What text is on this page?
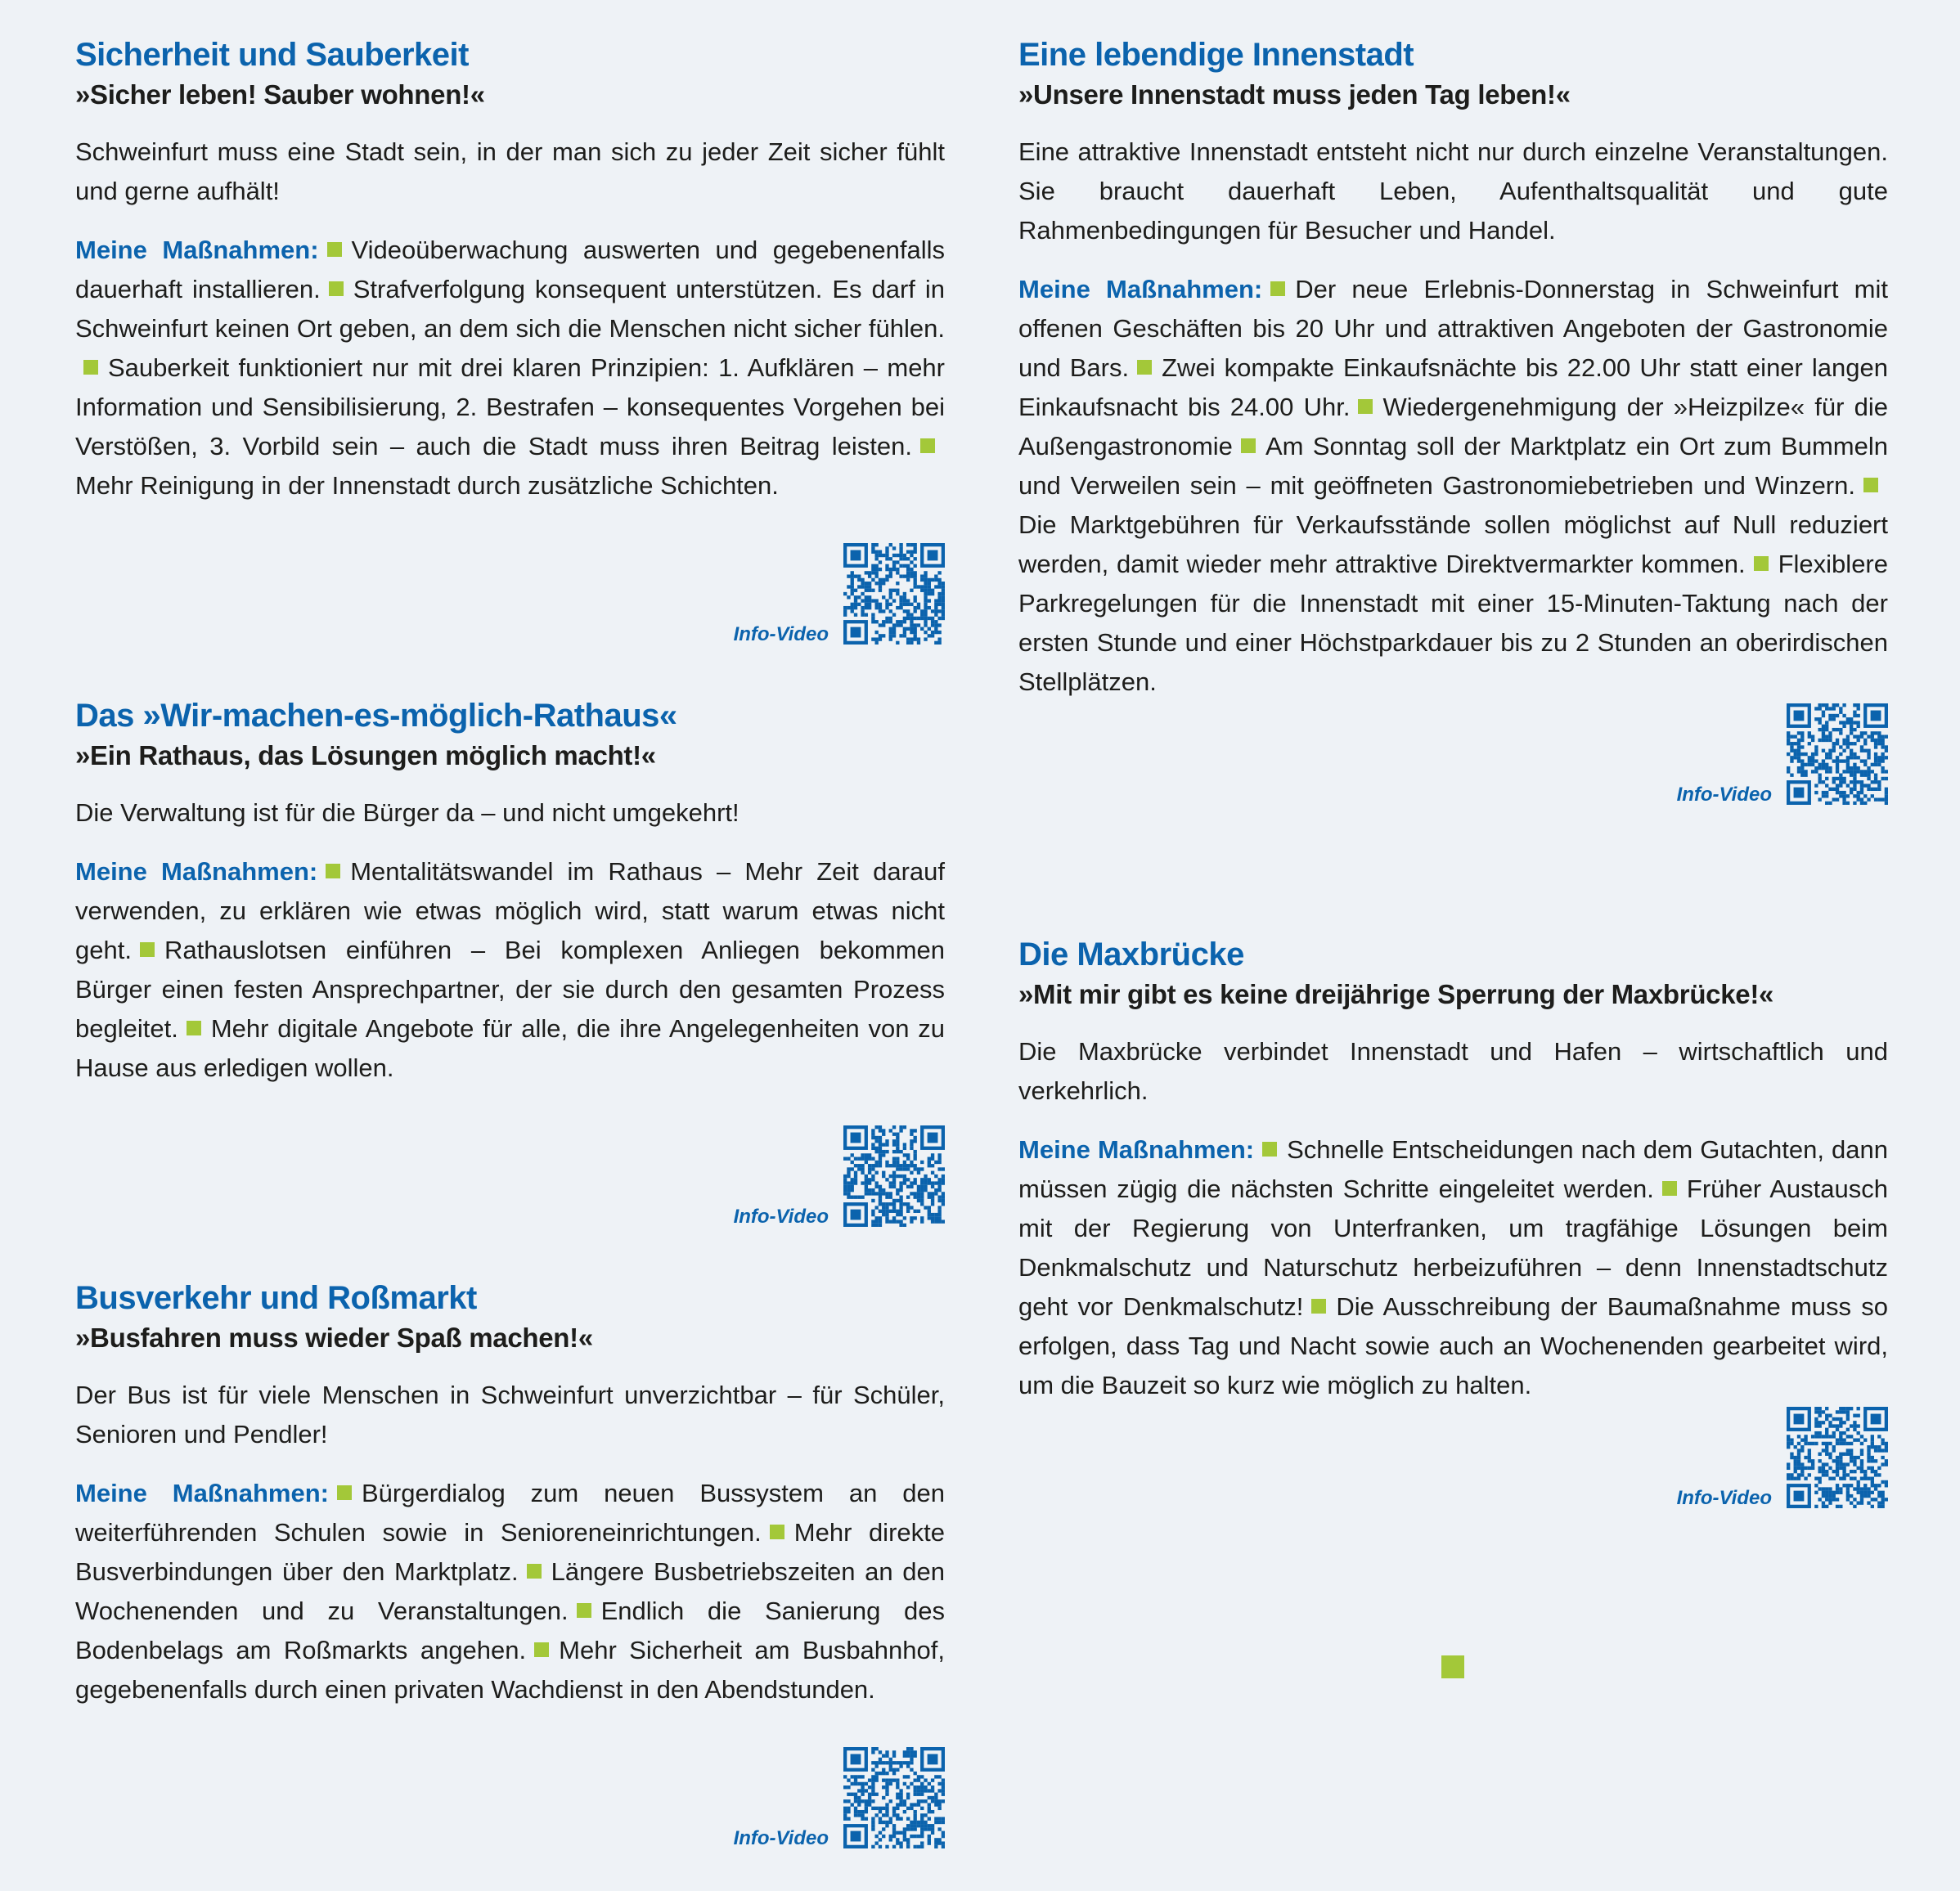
Sicherheit und Sauberkeit

»Sicher leben! Sauber wohnen!«

Schweinfurt muss eine Stadt sein, in der man sich zu jeder Zeit sicher fühlt und gerne aufhält!

Meine Maßnahmen: Videoüberwachung auswerten und gegebenenfalls dauerhaft installieren. Strafverfolgung konsequent unterstützen. Es darf in Schweinfurt keinen Ort geben, an dem sich die Menschen nicht sicher fühlen.Sauberkeit funktioniert nur mit drei klaren Prinzipien: 1. Aufklären – mehr Information und Sensibilisierung, 2. Bestrafen – konsequentes Vorgehen bei Verstößen, 3. Vorbild sein – auch die Stadt muss ihren Beitrag leisten.Mehr Reinigung in der Innenstadt durch zusätzliche Schichten.

Info-Video
Das »Wir-machen-es-möglich-Rathaus«

»Ein Rathaus, das Lösungen möglich macht!«

Die Verwaltung ist für die Bürger da – und nicht umgekehrt!

Meine Maßnahmen: Mentalitätswandel im Rathaus – Mehr Zeit darauf verwenden, zu erklären wie etwas möglich wird, statt warum etwas nicht geht. Rathauslotsen einführen – Bei komplexen Anliegen bekommen Bürger einen festen Ansprechpartner, der sie durch den gesamten Prozess begleitet. Mehr digitale Angebote für alle, die ihre Angelegenheiten von zu Hause aus erledigen wollen.

Info-Video
Busverkehr und Roßmarkt

»Busfahren muss wieder Spaß machen!«

Der Bus ist für viele Menschen in Schweinfurt unverzichtbar – für Schüler, Senioren und Pendler!

Meine Maßnahmen: Bürgerdialog zum neuen Bussystem an den weiterführenden Schulen sowie in Senioreneinrichtungen. Mehr direkte Busverbindungen über den Marktplatz. Längere Busbetriebszeiten an den Wochenenden und zu Veranstaltungen. Endlich die Sanierung des Bodenbelags am Roßmarkts angehen. Mehr Sicherheit am Busbahnhof, gegebenenfalls durch einen privaten Wachdienst in den Abendstunden.

Info-Video
Eine lebendige Innenstadt

»Unsere Innenstadt muss jeden Tag leben!«

Eine attraktive Innenstadt entsteht nicht nur durch einzelne Veranstaltungen. Sie braucht dauerhaft Leben, Aufenthaltsqualität und gute Rahmenbedingungen für Besucher und Handel.

Meine Maßnahmen: Der neue Erlebnis-Donnerstag in Schweinfurt mit offenen Geschäften bis 20 Uhr und attraktiven Angeboten der Gastronomie und Bars. Zwei kompakte Einkaufsnächte bis 22.00 Uhr statt einer langen Einkaufsnacht bis 24.00 Uhr. Wiedergenehmigung der »Heizpilze« für die Außengastronomie Am Sonntag soll der Marktplatz ein Ort zum Bummeln und Verweilen sein – mit geöffneten Gastronomiebetrieben und Winzern.Die Marktgebühren für Verkaufsstände sollen möglichst auf Null reduziert werden, damit wieder mehr attraktive Direktvermarkter kommen. Flexiblere Parkregelungen für die Innenstadt mit einer 15-Minuten-Taktung nach der ersten Stunde und einer Höchstparkdauer bis zu 2 Stunden an oberirdischen Stellplätzen.

Info-Video
Die Maxbrücke

»Mit mir gibt es keine dreijährige Sperrung der Maxbrücke!«

Die Maxbrücke verbindet Innenstadt und Hafen – wirtschaftlich und verkehrlich.

Meine Maßnahmen: Schnelle Entscheidungen nach dem Gutachten, dann müssen zügig die nächsten Schritte eingeleitet werden. Früher Austausch mit der Regierung von Unterfranken, um tragfähige Lösungen beim Denkmalschutz und Naturschutz herbeizuführen – denn Innenstadtschutz geht vor Denkmalschutz! Die Ausschreibung der Baumaßnahme muss so erfolgen, dass Tag und Nacht sowie auch an Wochenenden gearbeitet wird, um die Bauzeit so kurz wie möglich zu halten.

Info-Video
